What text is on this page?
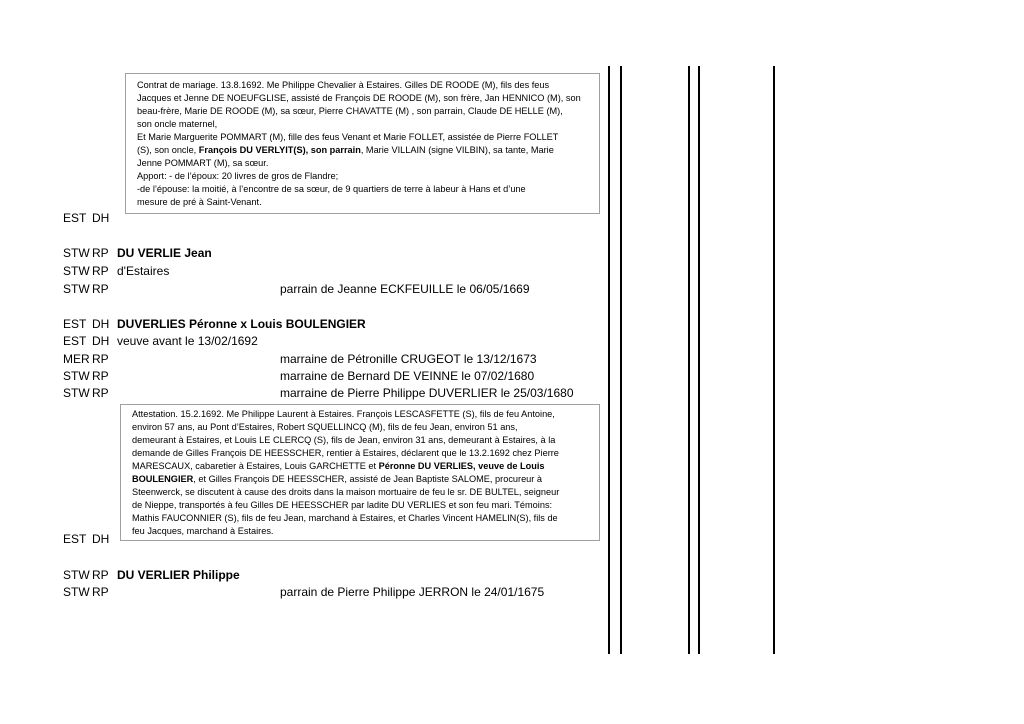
Contrat de mariage. 13.8.1692. Me Philippe Chevalier à Estaires. Gilles DE ROODE (M), fils des feus

Jacques et Jenne DE NOEUFGLISE, assisté de François DE ROODE (M), son frère, Jan HENNICO (M), son

beau-frère, Marie DE ROODE (M), sa sœur, Pierre CHAVATTE (M) , son parrain, Claude DE HELLE (M),

son oncle maternel,

Et Marie Marguerite POMMART (M), fille des feus Venant et Marie FOLLET, assistée de Pierre FOLLET

(S), son oncle, François DU VERLYIT(S), son parrain, Marie VILLAIN (signe VILBIN), sa tante, Marie

Jenne POMMART (M), sa sœur.

Apport: - de l’époux: 20 livres de gros de Flandre;

-de l’épouse: la moitié, à l’encontre de sa sœur, de 9 quartiers de terre à labeur à Hans et d’une

mesure de pré à Saint-Venant.

Attestation. 15.2.1692. Me Philippe Laurent à Estaires. François LESCASFETTE (S), fils de feu Antoine,

environ 57 ans, au Pont d’Estaires, Robert SQUELLINCQ (M), fils de feu Jean, environ 51 ans,

demeurant à Estaires, et Louis LE CLERCQ (S), fils de Jean, environ 31 ans, demeurant à Estaires, à la

demande de Gilles François DE HEESSCHER, rentier à Estaires, déclarent que le 13.2.1692 chez Pierre

MARESCAUX, cabaretier à Estaires, Louis GARCHETTE et Péronne DU VERLIES, veuve de Louis

BOULENGIER, et Gilles François DE HEESSCHER, assisté de Jean Baptiste SALOME, procureur à

Steenwerck, se discutent à cause des droits dans la maison mortuaire de feu le sr. DE BULTEL, seigneur

de Nieppe, transportés à feu Gilles DE HEESSCHER par ladite DU VERLIES et son feu mari. Témoins:

Mathis FAUCONNIER (S), fils de feu Jean, marchand à Estaires, et Charles Vincent HAMELIN(S), fils de

feu Jacques, marchand à Estaires.

EST DH
STW RP DU VERLIE Jean
STW RP d'Estaires
STW RP	parrain de Jeanne ECKFEUILLE le 06/05/1669
EST DH DUVERLIES Péronne x Louis BOULENGIER
EST DH veuve avant le 13/02/1692
MER RP	marraine de Pétronille CRUGEOT le 13/12/1673
STW RP	marraine de Bernard DE VEINNE le 07/02/1680
STW RP	marraine de Pierre Philippe DUVERLIER le 25/03/1680
EST DH
STW RP DU VERLIER Philippe
STW RP	parrain de Pierre Philippe JERRON le 24/01/1675
